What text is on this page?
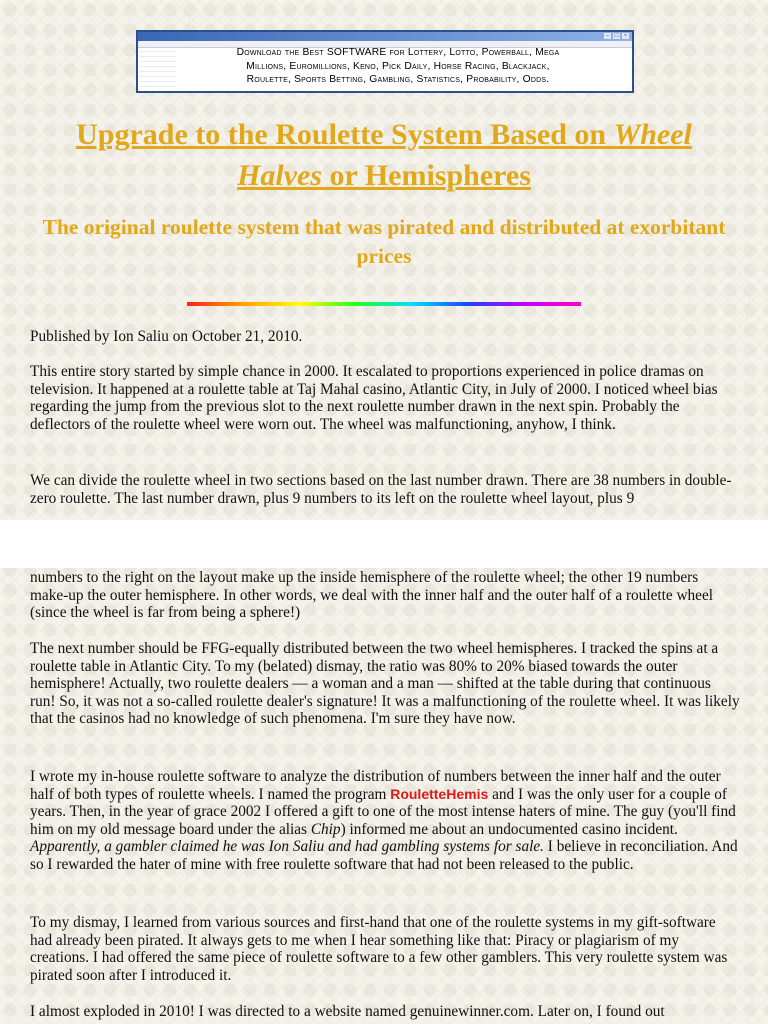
– □ ×
Download the Best SOFTWARE for Lottery, Lotto, Powerball, Mega
Millions, Euromillions, Keno, Pick Daily, Horse Racing, Blackjack,
Roulette, Sports Betting, Gambling, Statistics, Probability, Odds.
Upgrade to the Roulette System Based on Wheel Halves or Hemispheres
The original roulette system that was pirated and distributed at exorbitant prices

Published by Ion Saliu on October 21, 2010.

This entire story started by simple chance in 2000. It escalated to proportions experienced in police dramas on television. It happened at a roulette table at Taj Mahal casino, Atlantic City, in July of 2000. I noticed wheel bias regarding the jump from the previous slot to the next roulette number drawn in the next spin. Probably the deflectors of the roulette wheel were worn out. The wheel was malfunctioning, anyhow, I think.

We can divide the roulette wheel in two sections based on the last number drawn. There are 38 numbers in double-zero roulette. The last number drawn, plus 9 numbers to its left on the roulette wheel layout, plus 9

numbers to the right on the layout make up the inside hemisphere of the roulette wheel; the other 19 numbers make-up the outer hemisphere. In other words, we deal with the inner half and the outer half of a roulette wheel (since the wheel is far from being a sphere!)

The next number should be FFG-equally distributed between the two wheel hemispheres. I tracked the spins at a roulette table in Atlantic City. To my (belated) dismay, the ratio was 80% to 20% biased towards the outer hemisphere! Actually, two roulette dealers — a woman and a man — shifted at the table during that continuous run! So, it was not a so-called roulette dealer's signature! It was a malfunctioning of the roulette wheel. It was likely that the casinos had no knowledge of such phenomena. I'm sure they have now.

I wrote my in-house roulette software to analyze the distribution of numbers between the inner half and the outer half of both types of roulette wheels. I named the program RouletteHemis and I was the only user for a couple of years. Then, in the year of grace 2002 I offered a gift to one of the most intense haters of mine. The guy (you'll find him on my old message board under the alias Chip) informed me about an undocumented casino incident. Apparently, a gambler claimed he was Ion Saliu and had gambling systems for sale. I believe in reconciliation. And so I rewarded the hater of mine with free roulette software that had not been released to the public.

To my dismay, I learned from various sources and first-hand that one of the roulette systems in my gift-software had already been pirated. It always gets to me when I hear something like that: Piracy or plagiarism of my creations. I had offered the same piece of roulette software to a few other gamblers. This very roulette system was pirated soon after I introduced it.

I almost exploded in 2010! I was directed to a website named genuinewinner.com. Later on, I found out
